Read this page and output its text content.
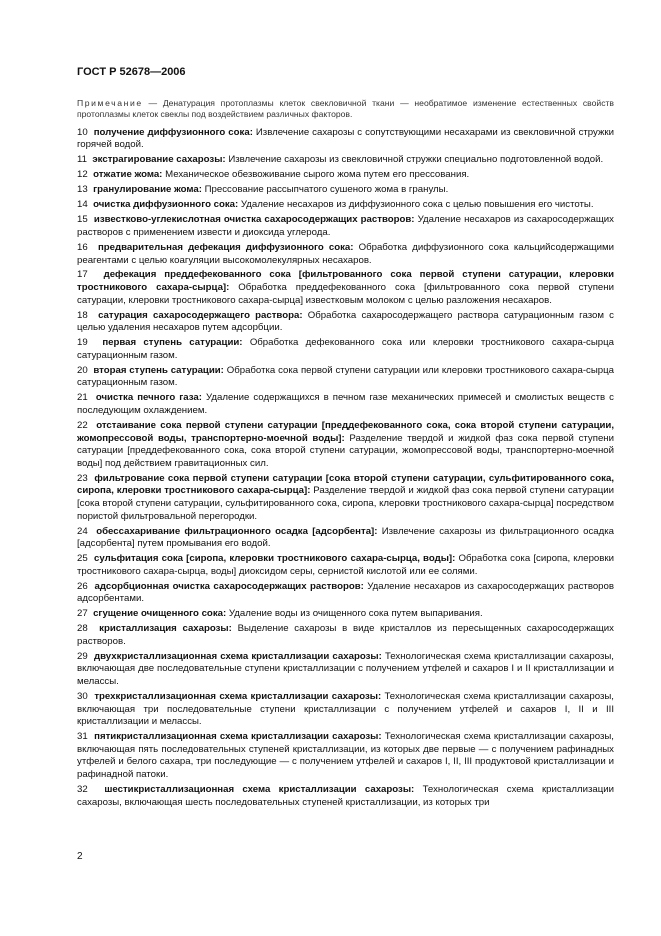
ГОСТ Р 52678—2006
Примечание — Денатурация протоплазмы клеток свекловичной ткани — необратимое изменение естественных свойств протоплазмы клеток свеклы под воздействием различных факторов.
10 получение диффузионного сока: Извлечение сахарозы с сопутствующими несахарами из свекловичной стружки горячей водой.
11 экстрагирование сахарозы: Извлечение сахарозы из свекловичной стружки специально подготовленной водой.
12 отжатие жома: Механическое обезвоживание сырого жома путем его прессования.
13 гранулирование жома: Прессование рассыпчатого сушеного жома в гранулы.
14 очистка диффузионного сока: Удаление несахаров из диффузионного сока с целью повышения его чистоты.
15 известково-углекислотная очистка сахаросодержащих растворов: Удаление несахаров из сахаросодержащих растворов с применением извести и диоксида углерода.
16 предварительная дефекация диффузионного сока: Обработка диффузионного сока кальцийсодержащими реагентами с целью коагуляции высокомолекулярных несахаров.
17 дефекация преддефекованного сока [фильтрованного сока первой ступени сатурации, клеровки тростникового сахара-сырца]: Обработка преддефекованного сока [фильтрованного сока первой ступени сатурации, клеровки тростникового сахара-сырца] известковым молоком с целью разложения несахаров.
18 сатурация сахаросодержащего раствора: Обработка сахаросодержащего раствора сатурационным газом с целью удаления несахаров путем адсорбции.
19 первая ступень сатурации: Обработка дефекованного сока или клеровки тростникового сахара-сырца сатурационным газом.
20 вторая ступень сатурации: Обработка сока первой ступени сатурации или клеровки тростникового сахара-сырца сатурационным газом.
21 очистка печного газа: Удаление содержащихся в печном газе механических примесей и смолистых веществ с последующим охлаждением.
22 отстаивание сока первой ступени сатурации [преддефекованного сока, сока второй ступени сатурации, жомопрессовой воды, транспортерно-моечной воды]: Разделение твердой и жидкой фаз сока первой ступени сатурации [преддефекованного сока, сока второй ступени сатурации, жомопрессовой воды, транспортерно-моечной воды] под действием гравитационных сил.
23 фильтрование сока первой ступени сатурации [сока второй ступени сатурации, сульфитированного сока, сиропа, клеровки тростникового сахара-сырца]: Разделение твердой и жидкой фаз сока первой ступени сатурации [сока второй ступени сатурации, сульфитированного сока, сиропа, клеровки тростникового сахара-сырца] посредством пористой фильтровальной перегородки.
24 обессахаривание фильтрационного осадка [адсорбента]: Извлечение сахарозы из фильтрационного осадка [адсорбента] путем промывания его водой.
25 сульфитация сока [сиропа, клеровки тростникового сахара-сырца, воды]: Обработка сока [сиропа, клеровки тростникового сахара-сырца, воды] диоксидом серы, сернистой кислотой или ее солями.
26 адсорбционная очистка сахаросодержащих растворов: Удаление несахаров из сахаросодержащих растворов адсорбентами.
27 сгущение очищенного сока: Удаление воды из очищенного сока путем выпаривания.
28 кристаллизация сахарозы: Выделение сахарозы в виде кристаллов из пересыщенных сахаросодержащих растворов.
29 двухкристаллизационная схема кристаллизации сахарозы: Технологическая схема кристаллизации сахарозы, включающая две последовательные ступени кристаллизации с получением утфелей и сахаров I и II кристаллизации и мелассы.
30 трехкристаллизационная схема кристаллизации сахарозы: Технологическая схема кристаллизации сахарозы, включающая три последовательные ступени кристаллизации с получением утфелей и сахаров I, II и III кристаллизации и мелассы.
31 пятикристаллизационная схема кристаллизации сахарозы: Технологическая схема кристаллизации сахарозы, включающая пять последовательных ступеней кристаллизации, из которых две первые — с получением рафинадных утфелей и белого сахара, три последующие — с получением утфелей и сахаров I, II, III продуктовой кристаллизации и рафинадной патоки.
32 шестикристаллизационная схема кристаллизации сахарозы: Технологическая схема кристаллизации сахарозы, включающая шесть последовательных ступеней кристаллизации, из которых три
2
